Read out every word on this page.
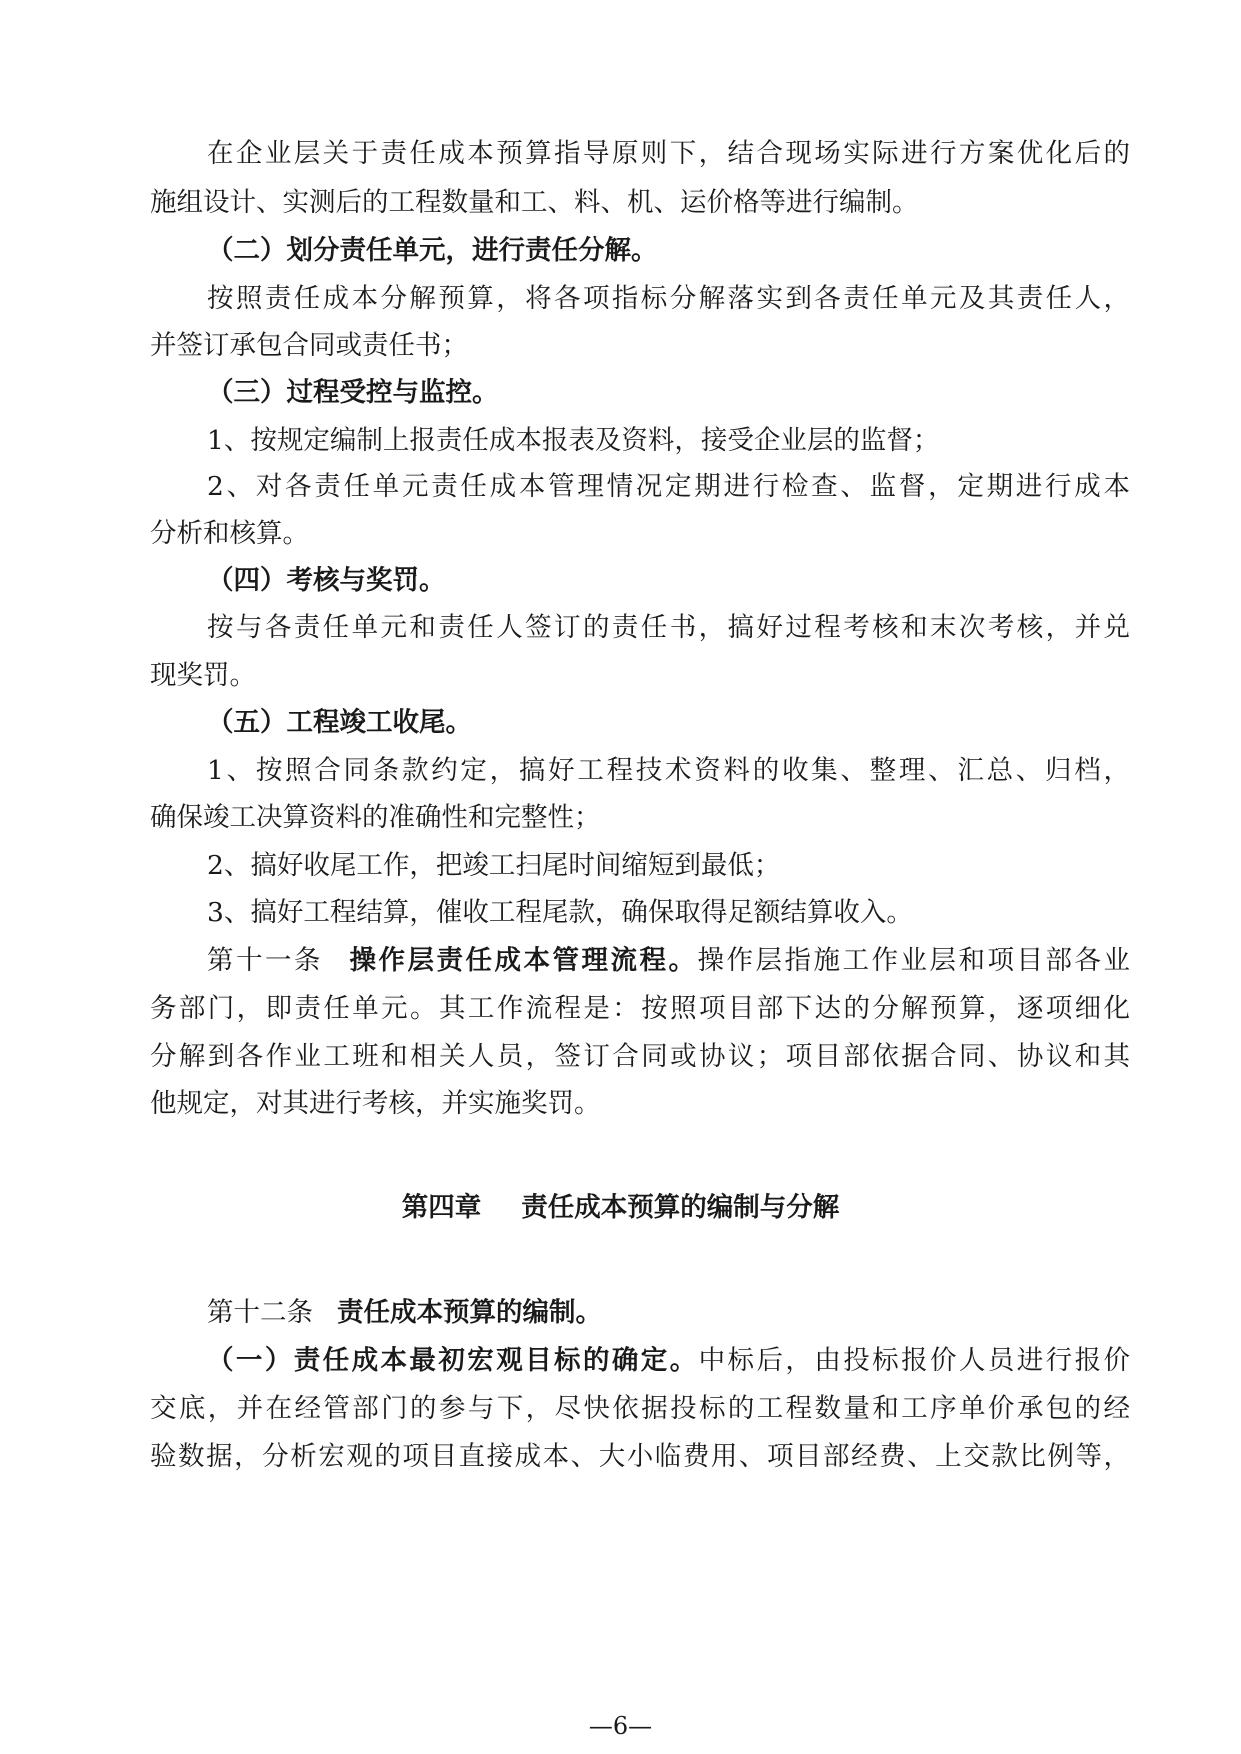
在企业层关于责任成本预算指导原则下，结合现场实际进行方案优化后的
施组设计、实测后的工程数量和工、料、机、运价格等进行编制。
（二）划分责任单元，进行责任分解。
按照责任成本分解预算，将各项指标分解落实到各责任单元及其责任人，
并签订承包合同或责任书；
（三）过程受控与监控。
1、按规定编制上报责任成本报表及资料，接受企业层的监督；
2、对各责任单元责任成本管理情况定期进行检查、监督，定期进行成本
分析和核算。
（四）考核与奖罚。
按与各责任单元和责任人签订的责任书，搞好过程考核和末次考核，并兑
现奖罚。
（五）工程竣工收尾。
1、按照合同条款约定，搞好工程技术资料的收集、整理、汇总、归档，
确保竣工决算资料的准确性和完整性；
2、搞好收尾工作，把竣工扫尾时间缩短到最低；
3、搞好工程结算，催收工程尾款，确保取得足额结算收入。
第十一条 操作层责任成本管理流程。操作层指施工作业层和项目部各业
务部门，即责任单元。其工作流程是：按照项目部下达的分解预算，逐项细化
分解到各作业工班和相关人员，签订合同或协议；项目部依据合同、协议和其
他规定，对其进行考核，并实施奖罚。
第四章 责任成本预算的编制与分解
第十二条 责任成本预算的编制。
（一）责任成本最初宏观目标的确定。中标后，由投标报价人员进行报价
交底，并在经管部门的参与下，尽快依据投标的工程数量和工序单价承包的经
验数据，分析宏观的项目直接成本、大小临费用、项目部经费、上交款比例等，
—6—
